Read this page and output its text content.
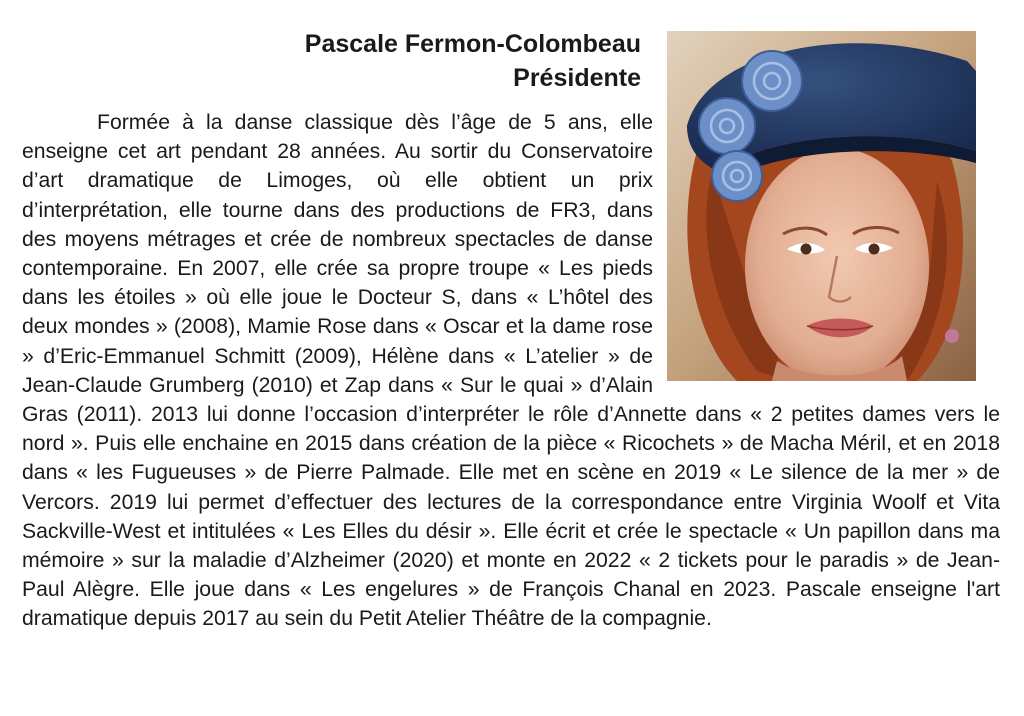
Pascale Fermon-Colombeau
Présidente

Formée à la danse classique dès l’âge de 5 ans, elle enseigne cet art pendant 28 années. Au sortir du Conservatoire d’art dramatique de Limoges, où elle obtient un prix d’interprétation, elle tourne dans des productions de FR3, dans des moyens métrages et crée de nombreux spectacles de danse contemporaine. En 2007, elle crée sa propre troupe « Les pieds dans les étoiles » où elle joue le Docteur S, dans « L’hôtel des deux mondes » (2008), Mamie Rose dans « Oscar et la dame rose » d’Eric-Emmanuel Schmitt (2009), Hélène dans « L’atelier » de Jean-Claude Grumberg (2010) et Zap dans « Sur le quai » d’Alain Gras (2011). 2013 lui donne l’occasion d’interpréter le rôle d’Annette dans « 2 petites dames vers le nord ». Puis elle enchaine en 2015 dans création de la pièce « Ricochets » de Macha Méril, et en 2018 dans « les Fugueuses » de Pierre Palmade. Elle met en scène en 2019 « Le silence de la mer » de Vercors. 2019 lui permet d’effectuer des lectures de la correspondance entre Virginia Woolf et Vita Sackville-West et intitulées « Les Elles du désir ». Elle écrit et crée le spectacle « Un papillon dans ma mémoire » sur la maladie d’Alzheimer (2020) et monte en 2022 « 2 tickets pour le paradis » de Jean-Paul Alègre. Elle joue dans « Les engelures » de François Chanal en 2023. Pascale enseigne l'art dramatique depuis 2017 au sein du Petit Atelier Théâtre de la compagnie.
